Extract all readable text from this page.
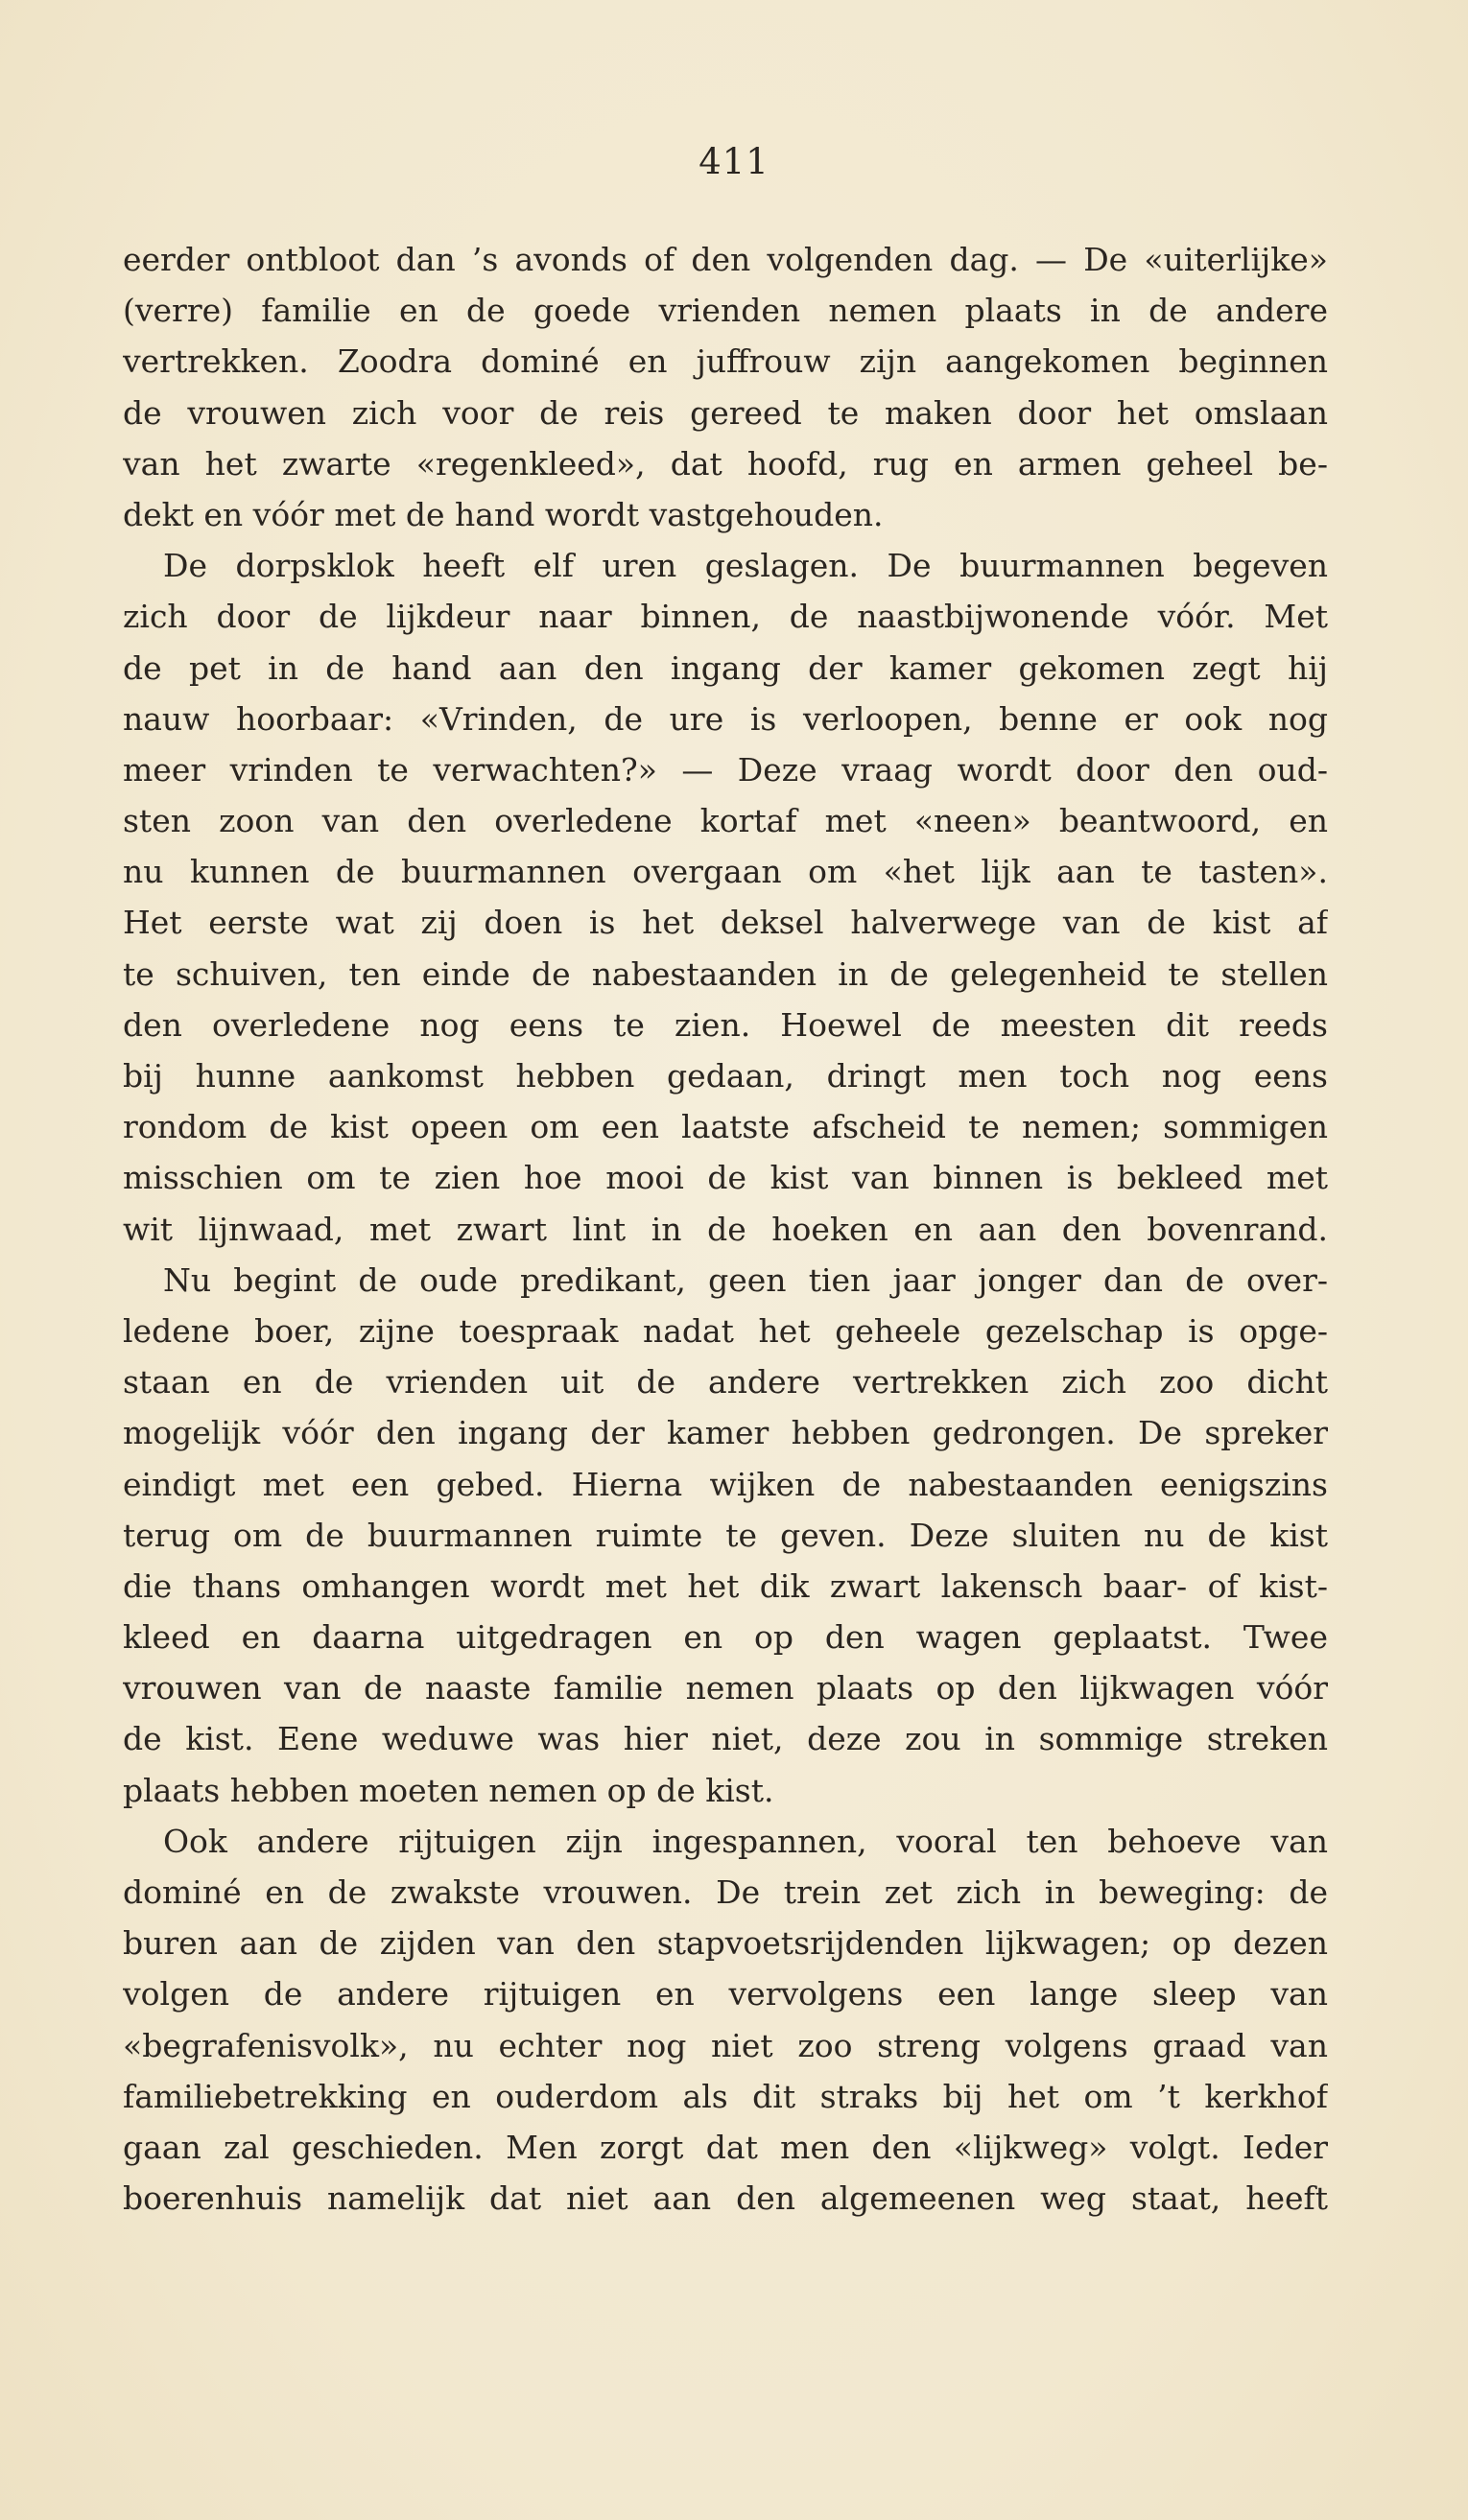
411
eerder ontbloot dan ’s avonds of den volgenden dag. — De «uiterlijke»
(verre) familie en de goede vrienden nemen plaats in de andere
vertrekken. Zoodra dominé en juffrouw zijn aangekomen beginnen
de vrouwen zich voor de reis gereed te maken door het omslaan
van het zwarte «regenkleed», dat hoofd, rug en armen geheel be-
dekt en vóór met de hand wordt vastgehouden.
De dorpsklok heeft elf uren geslagen. De buurmannen begeven
zich door de lijkdeur naar binnen, de naastbijwonende vóór. Met
de pet in de hand aan den ingang der kamer gekomen zegt hij
nauw hoorbaar: «Vrinden, de ure is verloopen, benne er ook nog
meer vrinden te verwachten?» — Deze vraag wordt door den oud-
sten zoon van den overledene kortaf met «neen» beantwoord, en
nu kunnen de buurmannen overgaan om «het lijk aan te tasten».
Het eerste wat zij doen is het deksel halverwege van de kist af
te schuiven, ten einde de nabestaanden in de gelegenheid te stellen
den overledene nog eens te zien. Hoewel de meesten dit reeds
bij hunne aankomst hebben gedaan, dringt men toch nog eens
rondom de kist opeen om een laatste afscheid te nemen; sommigen
misschien om te zien hoe mooi de kist van binnen is bekleed met
wit lijnwaad, met zwart lint in de hoeken en aan den bovenrand.
Nu begint de oude predikant, geen tien jaar jonger dan de over-
ledene boer, zijne toespraak nadat het geheele gezelschap is opge-
staan en de vrienden uit de andere vertrekken zich zoo dicht
mogelijk vóór den ingang der kamer hebben gedrongen. De spreker
eindigt met een gebed. Hierna wijken de nabestaanden eenigszins
terug om de buurmannen ruimte te geven. Deze sluiten nu de kist
die thans omhangen wordt met het dik zwart lakensch baar- of kist-
kleed en daarna uitgedragen en op den wagen geplaatst. Twee
vrouwen van de naaste familie nemen plaats op den lijkwagen vóór
de kist. Eene weduwe was hier niet, deze zou in sommige streken
plaats hebben moeten nemen op de kist.
Ook andere rijtuigen zijn ingespannen, vooral ten behoeve van
dominé en de zwakste vrouwen. De trein zet zich in beweging: de
buren aan de zijden van den stapvoetsrijdenden lijkwagen; op dezen
volgen de andere rijtuigen en vervolgens een lange sleep van
«begrafenisvolk», nu echter nog niet zoo streng volgens graad van
familiebetrekking en ouderdom als dit straks bij het om ’t kerkhof
gaan zal geschieden. Men zorgt dat men den «lijkweg» volgt. Ieder
boerenhuis namelijk dat niet aan den algemeenen weg staat, heeft
